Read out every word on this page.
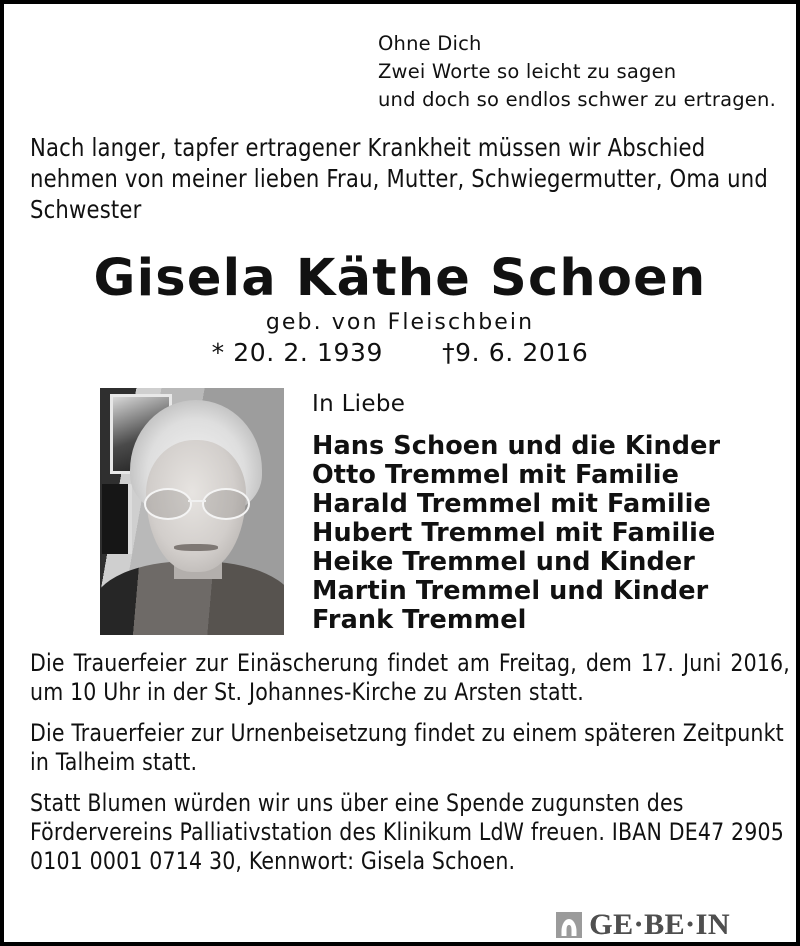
Ohne Dich
Zwei Worte so leicht zu sagen
und doch so endlos schwer zu ertragen.
Nach langer, tapfer ertragener Krankheit müssen wir Abschied nehmen von meiner lieben Frau, Mutter, Schwiegermutter, Oma und Schwester
Gisela Käthe Schoen
geb. von Fleischbein
* 20. 2. 1939 †9. 6. 2016
In Liebe
Hans Schoen und die Kinder
Otto Tremmel mit Familie
Harald Tremmel mit Familie
Hubert Tremmel mit Familie
Heike Tremmel und Kinder
Martin Tremmel und Kinder
Frank Tremmel

Die Trauerfeier zur Einäscherung findet am Freitag, dem 17. Juni 2016, um 10 Uhr in der St. Johannes-Kirche zu Arsten statt.

Die Trauerfeier zur Urnenbeisetzung findet zu einem späteren Zeitpunkt in Talheim statt.

Statt Blumen würden wir uns über eine Spende zugunsten des Fördervereins Palliativstation des Klinikum LdW freuen. IBAN DE47 2905 0101 0001 0714 30, Kennwort: Gisela Schoen.

GE·BE·IN
